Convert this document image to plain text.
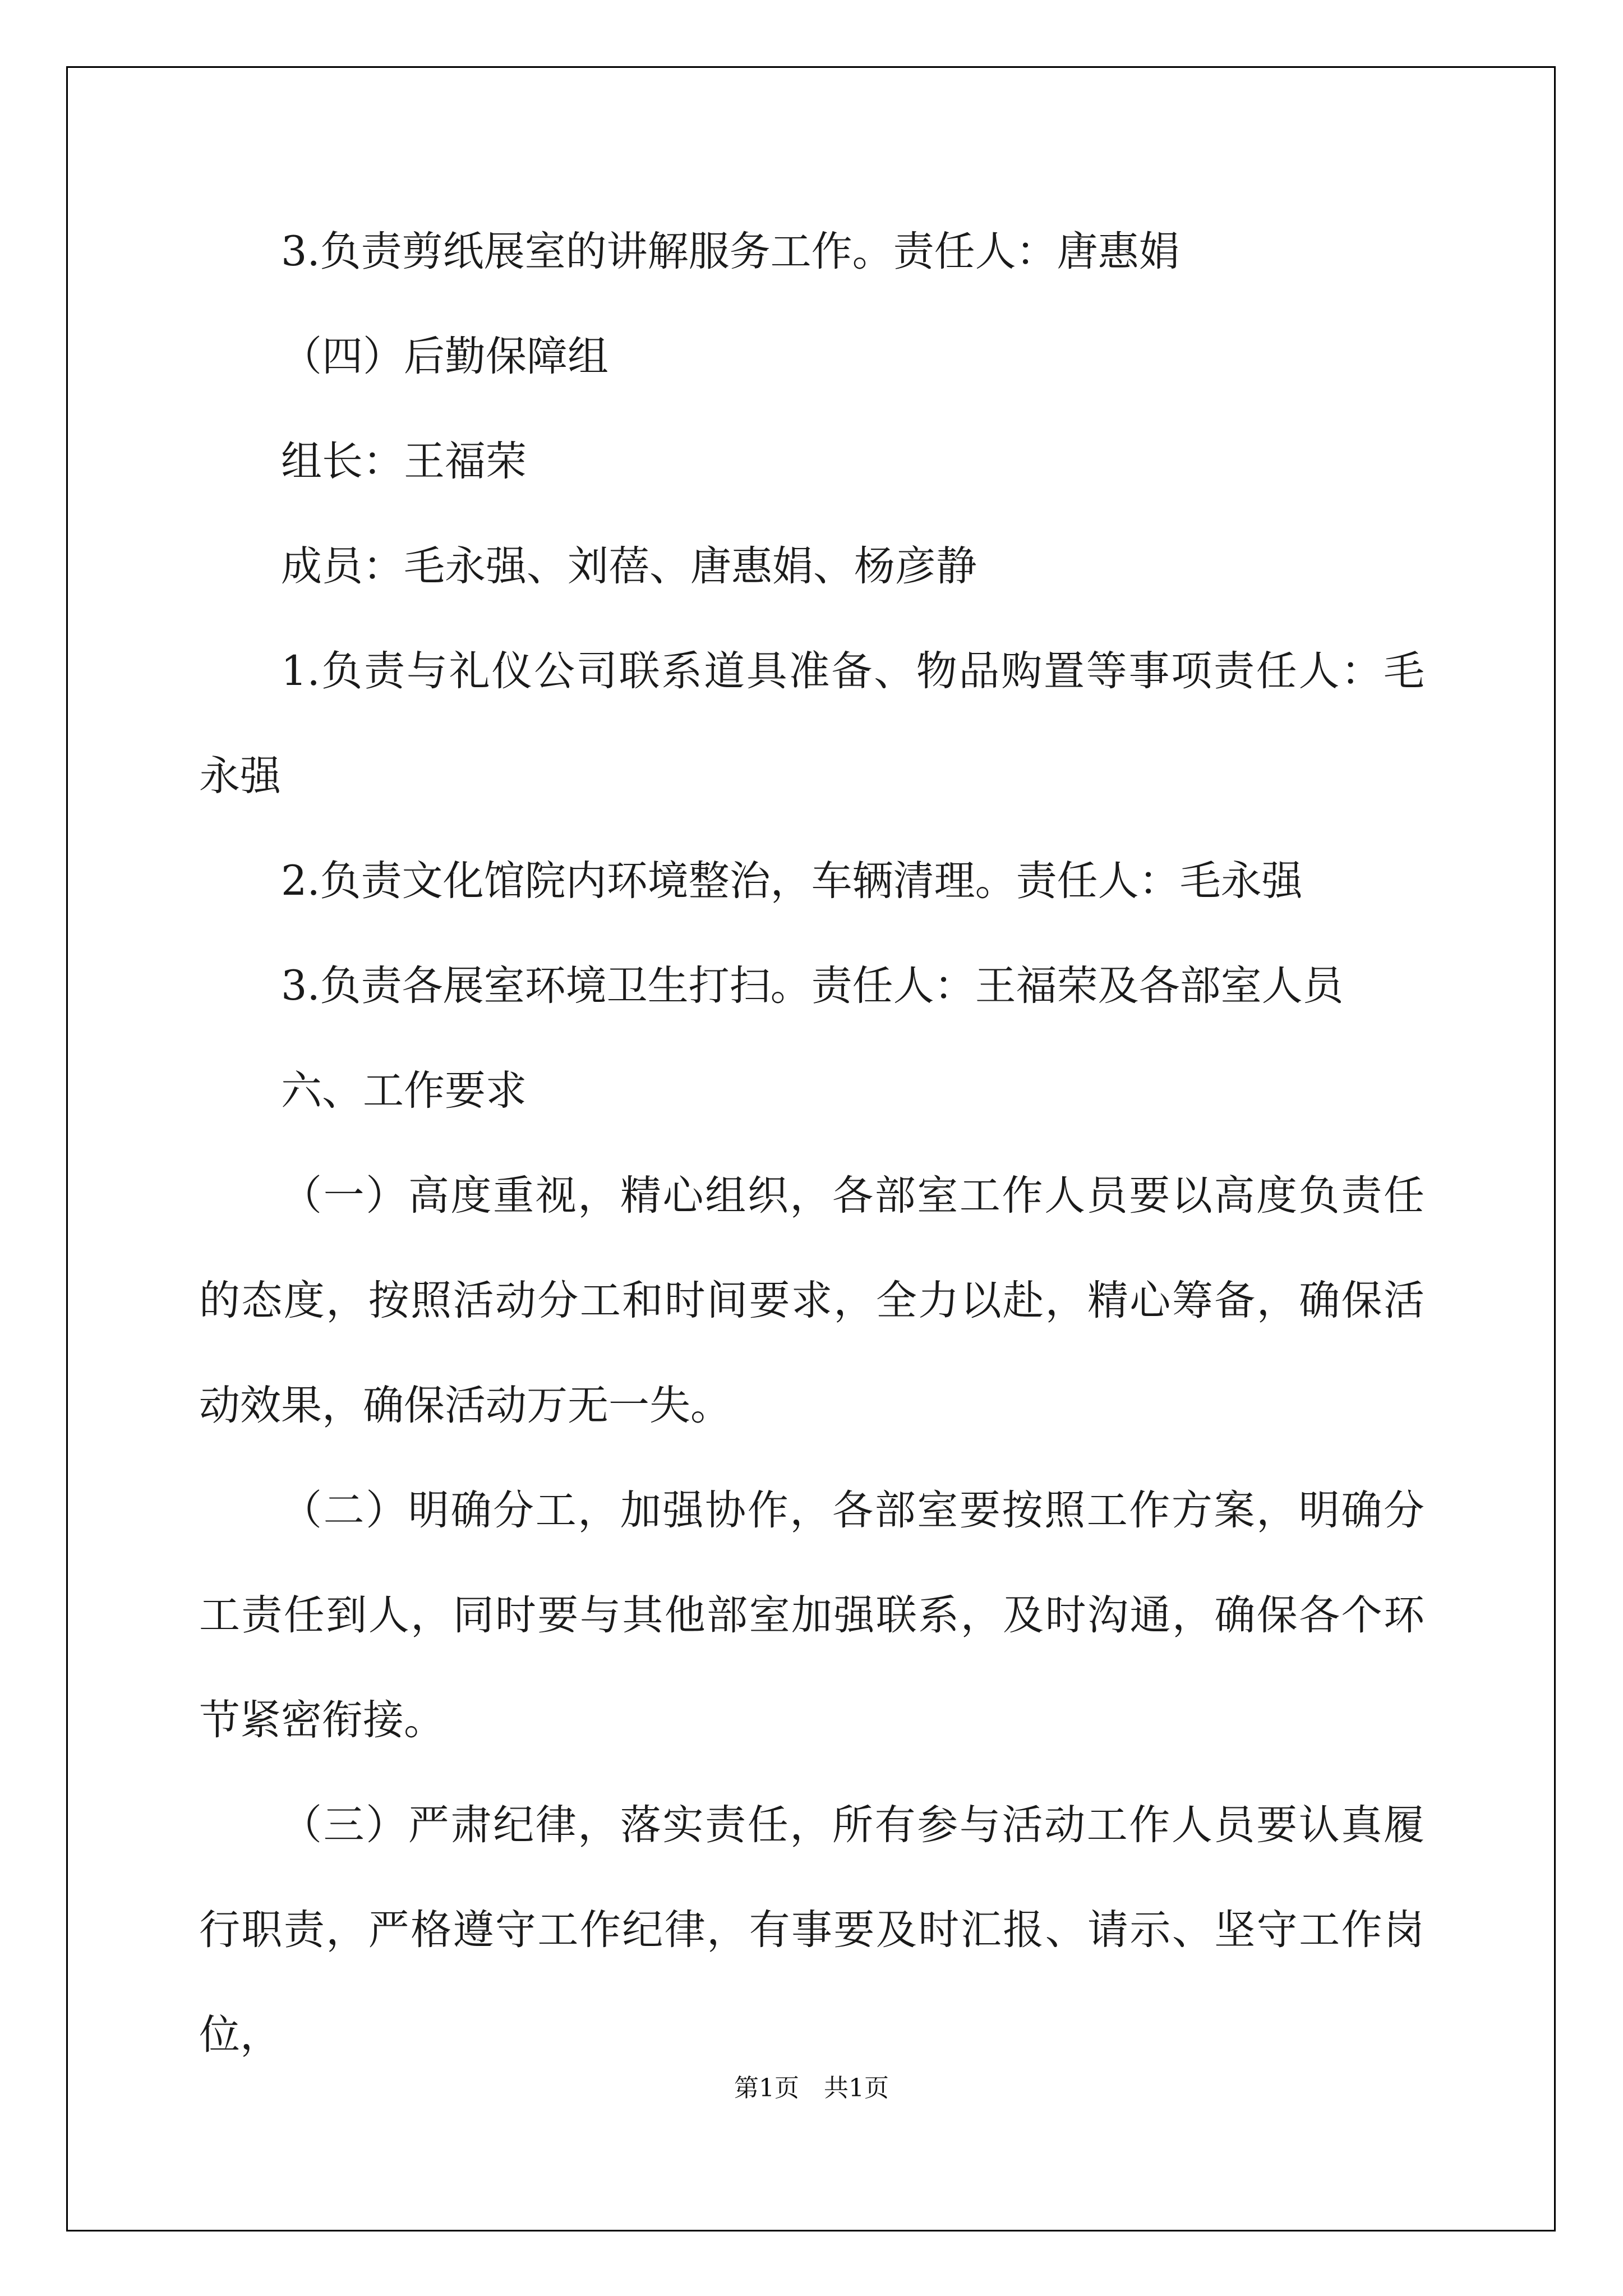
3.负责剪纸展室的讲解服务工作。责任人：唐惠娟

（四）后勤保障组

组长：王福荣

成员：毛永强、刘蓓、唐惠娟、杨彦静

1.负责与礼仪公司联系道具准备、物品购置等事项责任人：毛永强

2.负责文化馆院内环境整治，车辆清理。责任人：毛永强

3.负责各展室环境卫生打扫。责任人：王福荣及各部室人员

六、工作要求

（一）高度重视，精心组织，各部室工作人员要以高度负责任的态度，按照活动分工和时间要求，全力以赴，精心筹备，确保活动效果，确保活动万无一失。

（二）明确分工，加强协作，各部室要按照工作方案，明确分工责任到人，同时要与其他部室加强联系，及时沟通，确保各个环节紧密衔接。

（三）严肃纪律，落实责任，所有参与活动工作人员要认真履行职责，严格遵守工作纪律，有事要及时汇报、请示、坚守工作岗位，

第1页　共1页
